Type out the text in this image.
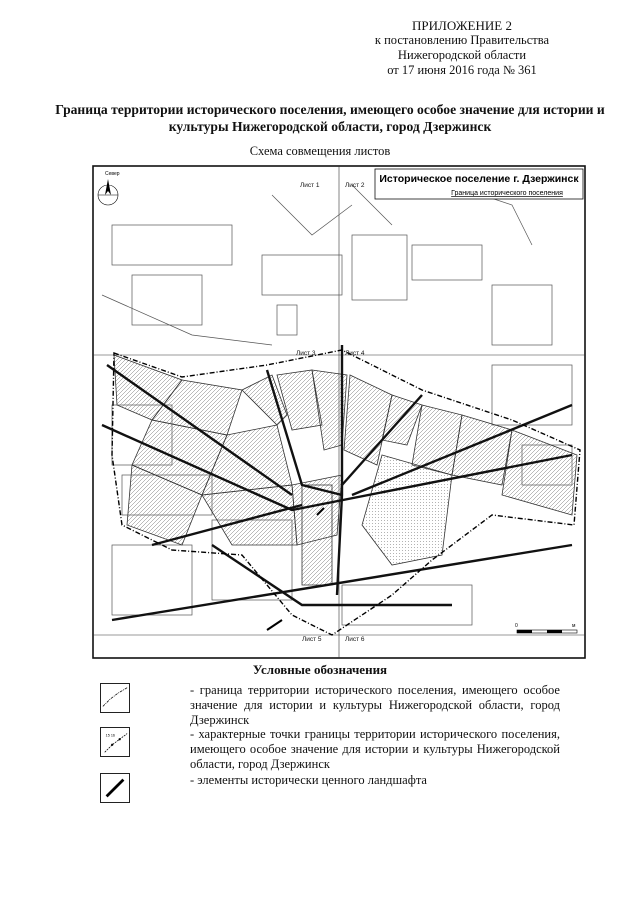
ПРИЛОЖЕНИЕ 2
к постановлению Правительства
Нижегородской области
от 17 июня 2016 года № 361
Граница территории исторического поселения, имеющего особое значение для истории и
культуры Нижегородской области, город Дзержинск
Схема совмещения листов
Историческое поселение г. Дзержинск
Граница исторического поселения
Север
Лист 1	Лист 2
Лист 3	Лист 4
Лист 5	Лист 6
0	м
Условные обозначения
- граница территории исторического поселения, имеющего особое значение для истории и культуры Нижегородской области, город Дзержинск
15 16	- характерные точки границы территории исторического поселения, имеющего особое значение для истории и культуры Нижегородской области, город Дзержинск
- элементы исторически ценного ландшафта
